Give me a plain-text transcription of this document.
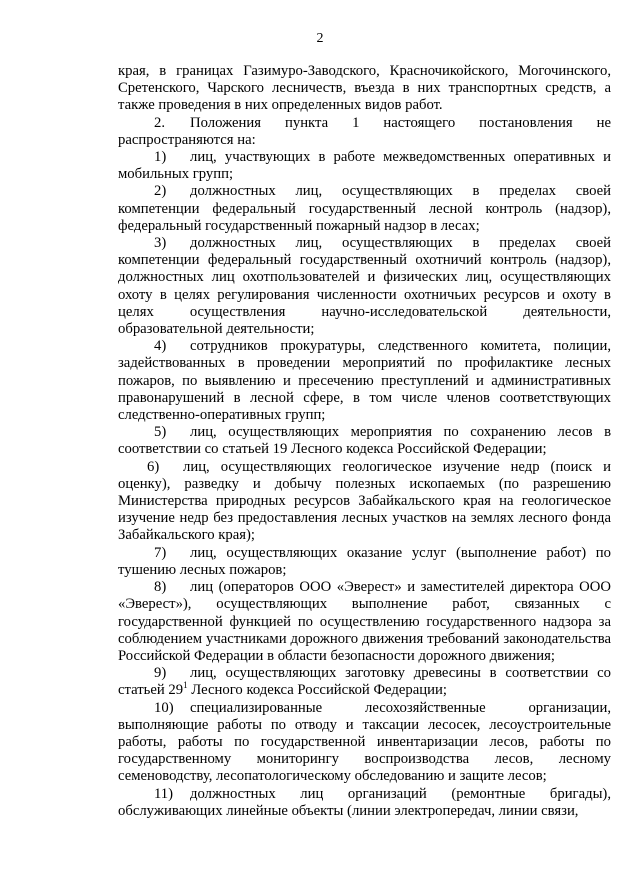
2

края, в границах Газимуро-Заводского, Красночикойского, Могочинского, Сретенского, Чарского лесничеств, въезда в них транспортных средств, а также проведения в них определенных видов работ.

2. Положения пункта 1 настоящего постановления не распространяются на:

1) лиц, участвующих в работе межведомственных оперативных и мобильных групп;

2) должностных лиц, осуществляющих в пределах своей компетенции федеральный государственный лесной контроль (надзор), федеральный государственный пожарный надзор в лесах;

3) должностных лиц, осуществляющих в пределах своей компетенции федеральный государственный охотничий контроль (надзор), должностных лиц охотпользователей и физических лиц, осуществляющих охоту в целях регулирования численности охотничьих ресурсов и охоту в целях осуществления научно-исследовательской деятельности, образовательной деятельности;

4) сотрудников прокуратуры, следственного комитета, полиции, задействованных в проведении мероприятий по профилактике лесных пожаров, по выявлению и пресечению преступлений и административных правонарушений в лесной сфере, в том числе членов соответствующих следственно-оперативных групп;

5) лиц, осуществляющих мероприятия по сохранению лесов в соответствии со статьей 19 Лесного кодекса Российской Федерации;

6) лиц, осуществляющих геологическое изучение недр (поиск и оценку), разведку и добычу полезных ископаемых (по разрешению Министерства природных ресурсов Забайкальского края на геологическое изучение недр без предоставления лесных участков на землях лесного фонда Забайкальского края);

7) лиц, осуществляющих оказание услуг (выполнение работ) по тушению лесных пожаров;

8) лиц (операторов ООО «Эверест» и заместителей директора ООО «Эверест»), осуществляющих выполнение работ, связанных с государственной функцией по осуществлению государственного надзора за соблюдением участниками дорожного движения требований законодательства Российской Федерации в области безопасности дорожного движения;

9) лиц, осуществляющих заготовку древесины в соответствии со статьей $29^1$ Лесного кодекса Российской Федерации;

10) специализированные лесохозяйственные организации, выполняющие работы по отводу и таксации лесосек, лесоустроительные работы, работы по государственной инвентаризации лесов, работы по государственному мониторингу воспроизводства лесов, лесному семеноводству, лесопатологическому обследованию и защите лесов;

11) должностных лиц организаций (ремонтные бригады), обслуживающих линейные объекты (линии электропередач, линии связи,
